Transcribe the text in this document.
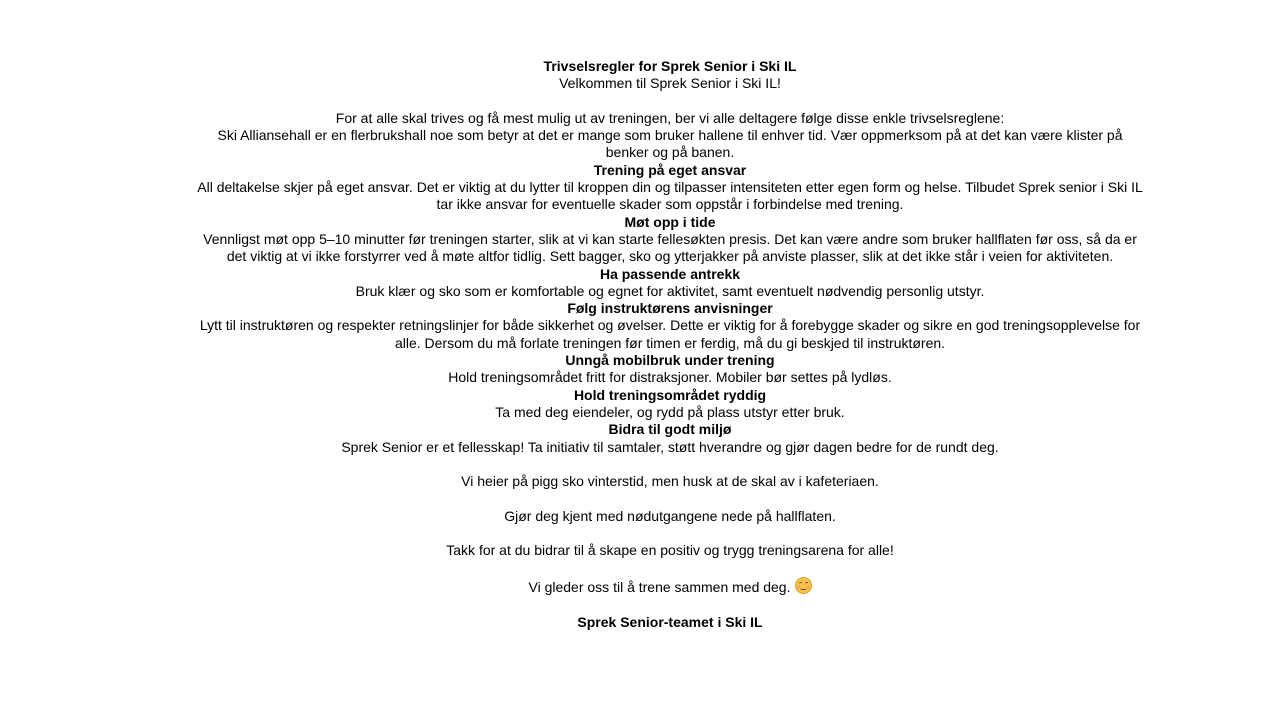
Trivselsregler for Sprek Senior i Ski IL
Velkommen til Sprek Senior i Ski IL!
For at alle skal trives og få mest mulig ut av treningen, ber vi alle deltagere følge disse enkle trivselsreglene:
Ski Alliansehall er en flerbrukshall noe som betyr at det er mange som bruker hallene til enhver tid. Vær oppmerksom på at det kan være klister på benker og på banen.
Trening på eget ansvar
All deltakelse skjer på eget ansvar. Det er viktig at du lytter til kroppen din og tilpasser intensiteten etter egen form og helse. Tilbudet Sprek senior i Ski IL tar ikke ansvar for eventuelle skader som oppstår i forbindelse med trening.
Møt opp i tide
Vennligst møt opp 5–10 minutter før treningen starter, slik at vi kan starte fellesøkten presis. Det kan være andre som bruker hallflaten før oss, så da er det viktig at vi ikke forstyrrer ved å møte altfor tidlig. Sett bagger, sko og ytterjakker på anviste plasser, slik at det ikke står i veien for aktiviteten.
Ha passende antrekk
Bruk klær og sko som er komfortable og egnet for aktivitet, samt eventuelt nødvendig personlig utstyr.
Følg instruktørens anvisninger
Lytt til instruktøren og respekter retningslinjer for både sikkerhet og øvelser. Dette er viktig for å forebygge skader og sikre en god treningsopplevelse for alle. Dersom du må forlate treningen før timen er ferdig, må du gi beskjed til instruktøren.
Unngå mobilbruk under trening
Hold treningsområdet fritt for distraksjoner. Mobiler bør settes på lydløs.
Hold treningsområdet ryddig
Ta med deg eiendeler, og rydd på plass utstyr etter bruk.
Bidra til godt miljø
Sprek Senior er et fellesskap! Ta initiativ til samtaler, støtt hverandre og gjør dagen bedre for de rundt deg.
Vi heier på pigg sko vinterstid, men husk at de skal av i kafeteriaen.
Gjør deg kjent med nødutgangene nede på hallflaten.
Takk for at du bidrar til å skape en positiv og trygg treningsarena for alle!
Vi gleder oss til å trene sammen med deg.
Sprek Senior-teamet i Ski IL
